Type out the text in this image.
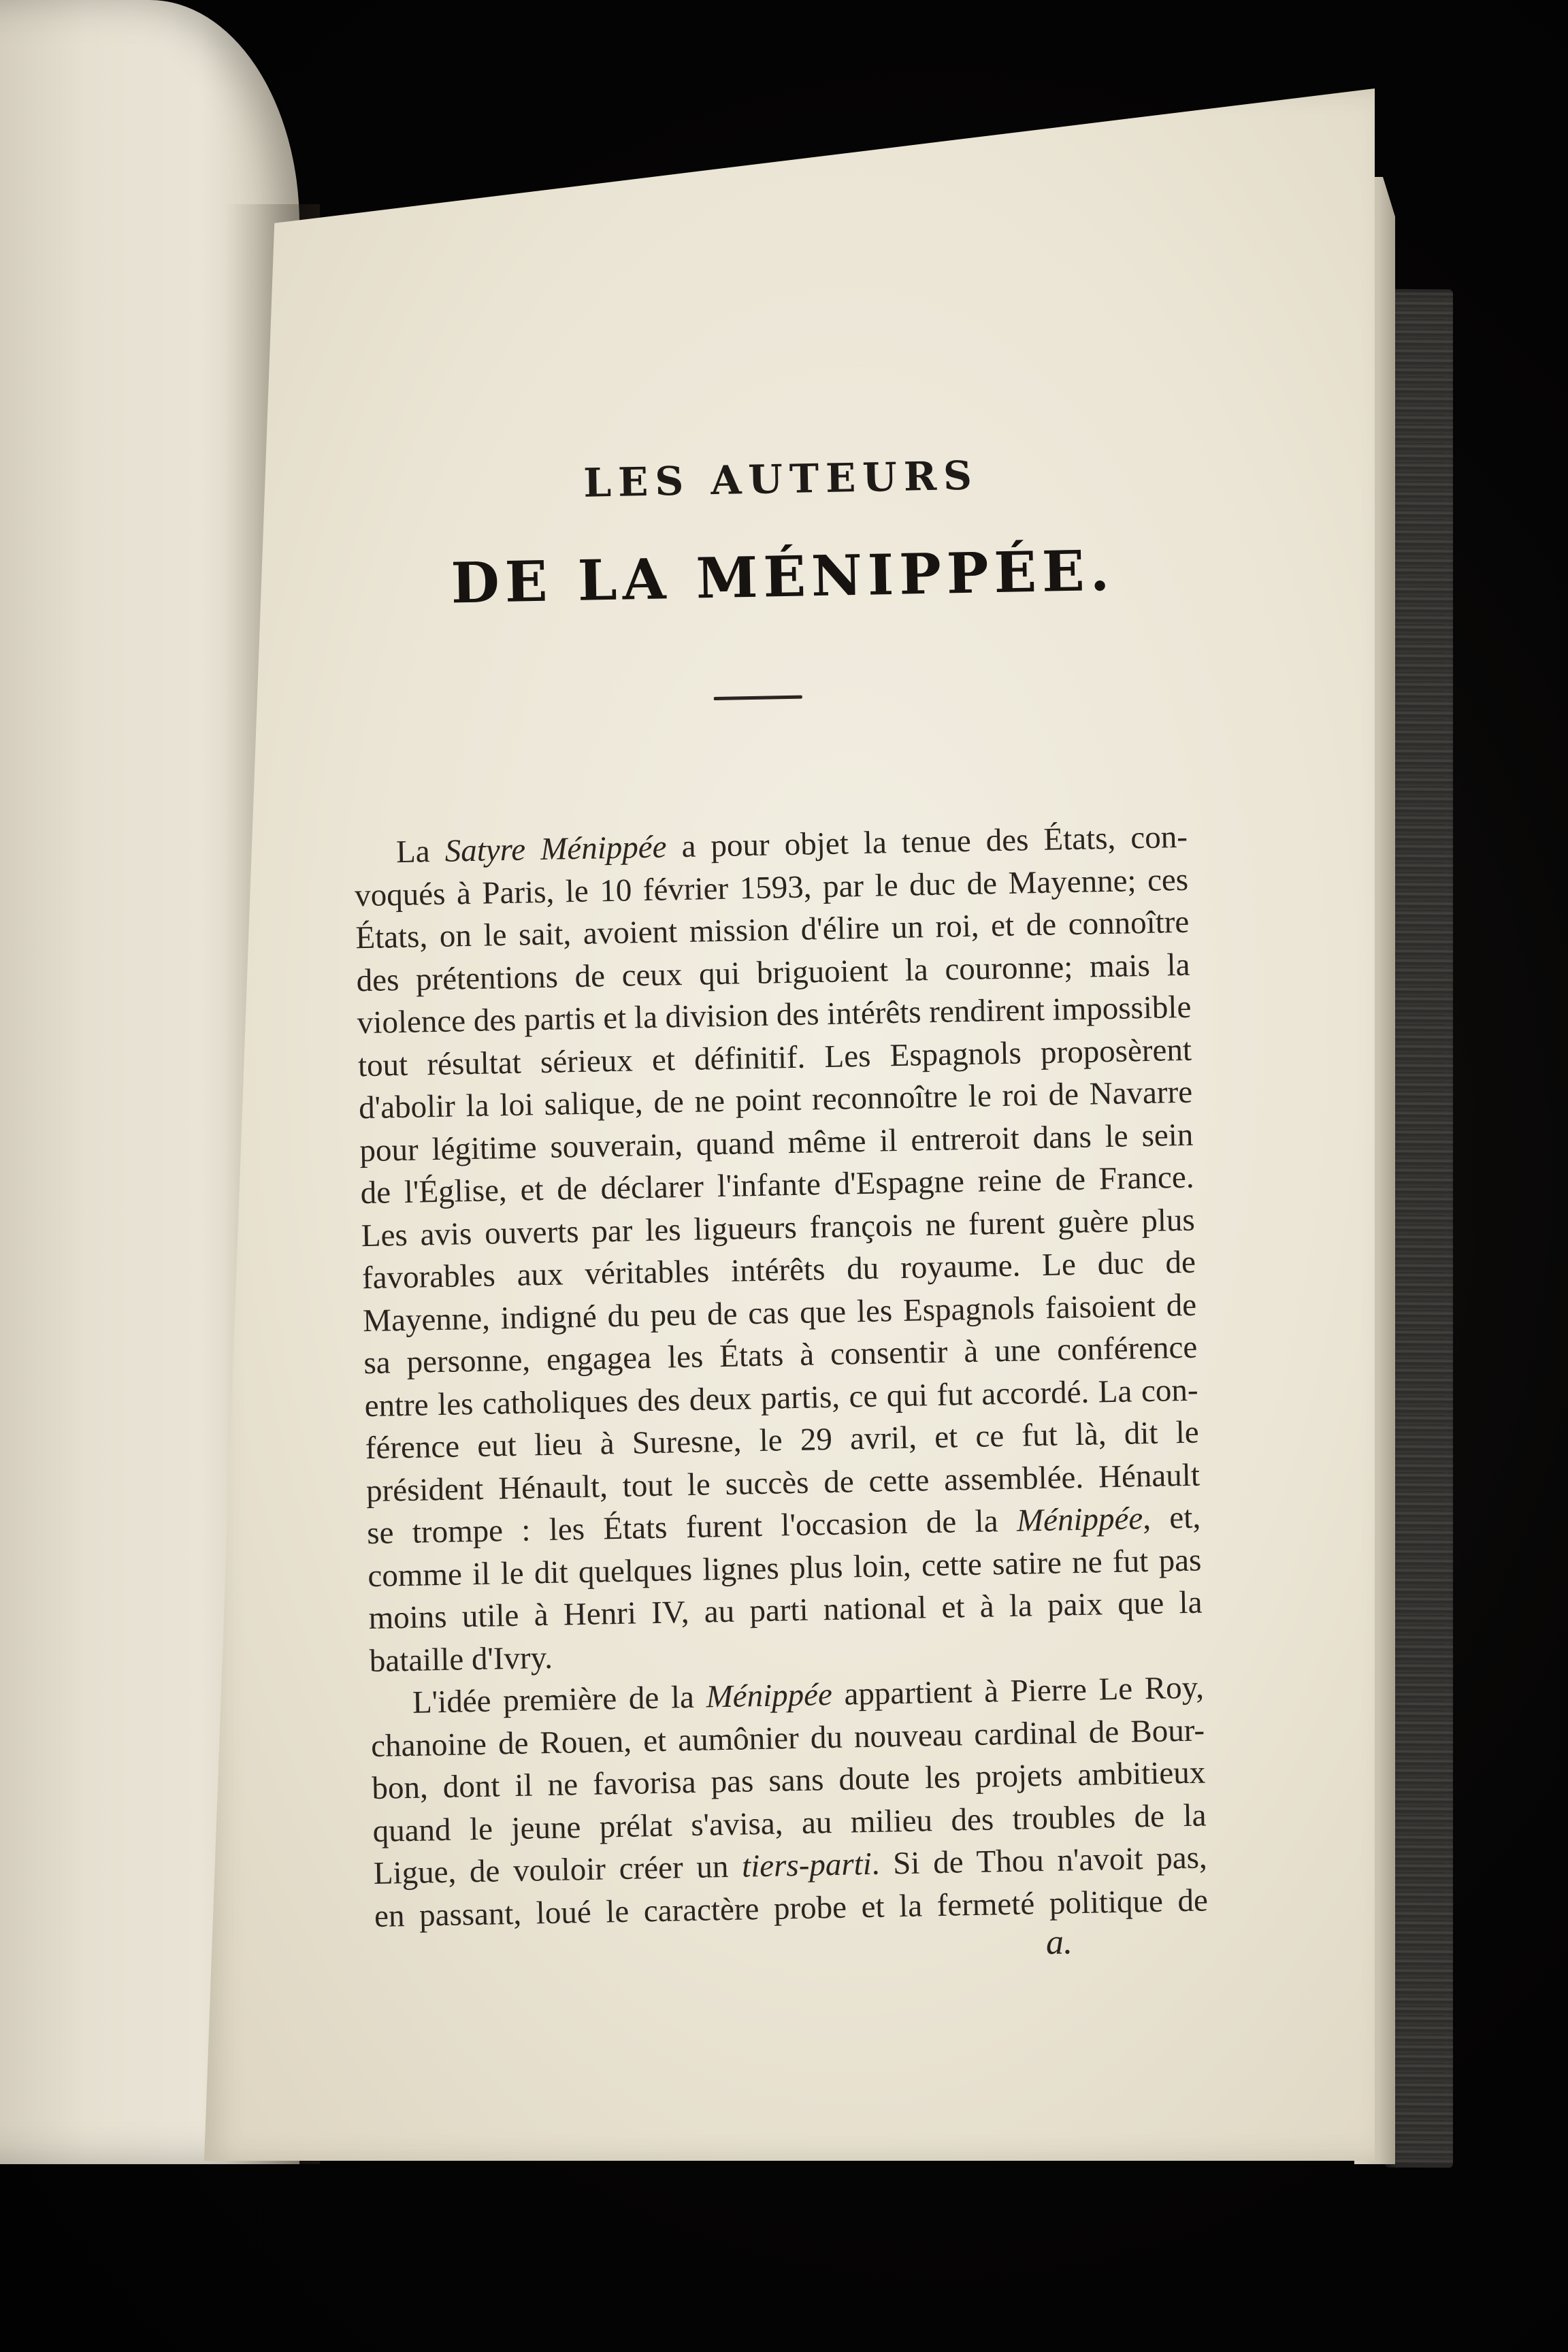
LES AUTEURS
DE LA MÉNIPPÉE.
La Satyre Ménippée a pour objet la tenue des États, con-
voqués à Paris, le 10 février 1593, par le duc de Mayenne; ces
États, on le sait, avoient mission d'élire un roi, et de connoître
des prétentions de ceux qui briguoient la couronne; mais la
violence des partis et la division des intérêts rendirent impossible
tout résultat sérieux et définitif. Les Espagnols proposèrent
d'abolir la loi salique, de ne point reconnoître le roi de Navarre
pour légitime souverain, quand même il entreroit dans le sein
de l'Église, et de déclarer l'infante d'Espagne reine de France.
Les avis ouverts par les ligueurs françois ne furent guère plus
favorables aux véritables intérêts du royaume. Le duc de
Mayenne, indigné du peu de cas que les Espagnols faisoient de
sa personne, engagea les États à consentir à une conférence
entre les catholiques des deux partis, ce qui fut accordé. La con-
férence eut lieu à Suresne, le 29 avril, et ce fut là, dit le
président Hénault, tout le succès de cette assemblée. Hénault
se trompe : les États furent l'occasion de la Ménippée, et,
comme il le dit quelques lignes plus loin, cette satire ne fut pas
moins utile à Henri IV, au parti national et à la paix que la
bataille d'Ivry.
L'idée première de la Ménippée appartient à Pierre Le Roy,
chanoine de Rouen, et aumônier du nouveau cardinal de Bour-
bon, dont il ne favorisa pas sans doute les projets ambitieux
quand le jeune prélat s'avisa, au milieu des troubles de la
Ligue, de vouloir créer un tiers-parti. Si de Thou n'avoit pas,
en passant, loué le caractère probe et la fermeté politique de
a.
